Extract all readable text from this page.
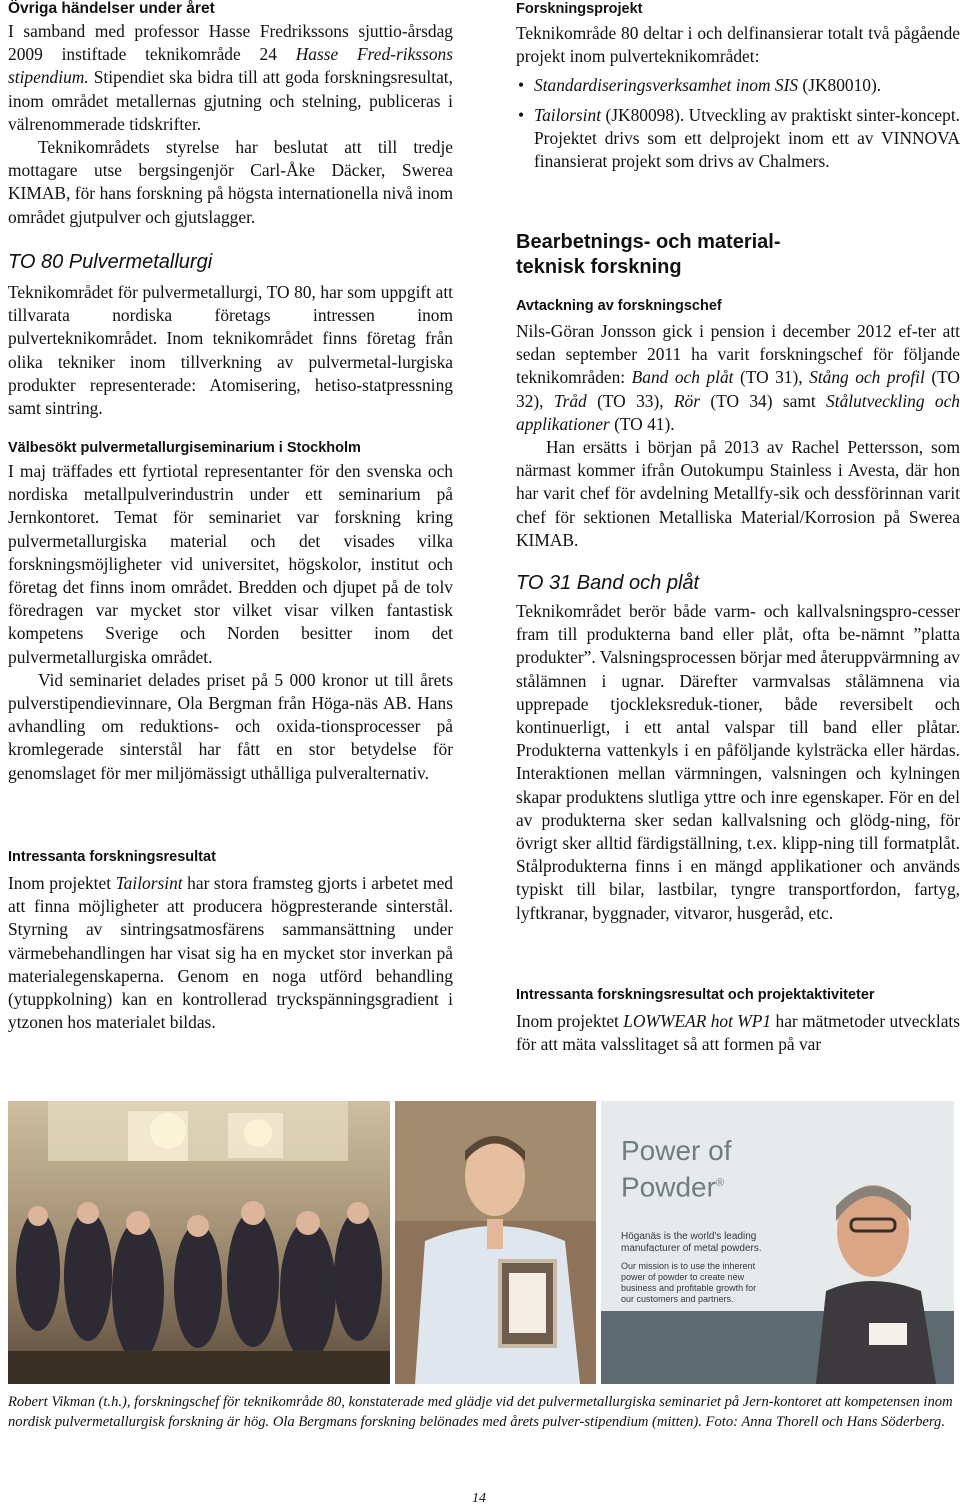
Övriga händelser under året

I samband med professor Hasse Fredrikssons sjuttio-årsdag 2009 instiftade teknikområde 24 Hasse Fred-rikssons stipendium. Stipendiet ska bidra till att goda forskningsresultat, inom området metallernas gjutning och stelning, publiceras i välrenommerade tidskrifter.

Teknikområdets styrelse har beslutat att till tredje mottagare utse bergsingenjör Carl-Åke Däcker, Swerea KIMAB, för hans forskning på högsta internationella nivå inom området gjutpulver och gjutslagger.

TO 80 Pulvermetallurgi

Teknikområdet för pulvermetallurgi, TO 80, har som uppgift att tillvarata nordiska företags intressen inom pulverteknikområdet. Inom teknikområdet finns företag från olika tekniker inom tillverkning av pulvermetal-lurgiska produkter representerade: Atomisering, hetiso-statpressning samt sintring.

Välbesökt pulvermetallurgiseminarium i Stockholm

I maj träffades ett fyrtiotal representanter för den svenska och nordiska metallpulverindustrin under ett seminarium på Jernkontoret. Temat för seminariet var forskning kring pulvermetallurgiska material och det visades vilka forskningsmöjligheter vid universitet, högskolor, institut och företag det finns inom området. Bredden och djupet på de tolv föredragen var mycket stor vilket visar vilken fantastisk kompetens Sverige och Norden besitter inom det pulvermetallurgiska området.

Vid seminariet delades priset på 5 000 kronor ut till årets pulverstipendievinnare, Ola Bergman från Höga-näs AB. Hans avhandling om reduktions- och oxida-tionsprocesser på kromlegerade sinterstål har fått en stor betydelse för genomslaget för mer miljömässigt uthålliga pulveralternativ.

Intressanta forskningsresultat

Inom projektet Tailorsint har stora framsteg gjorts i arbetet med att finna möjligheter att producera högpresterande sinterstål. Styrning av sintringsatmosfärens sammansättning under värmebehandlingen har visat sig ha en mycket stor inverkan på materialegenskaperna. Genom en noga utförd behandling (ytuppkolning) kan en kontrollerad tryckspänningsgradient i ytzonen hos materialet bildas.

Forskningsprojekt

Teknikområde 80 deltar i och delfinansierar totalt två pågående projekt inom pulverteknikområdet:

• Standardiseringsverksamhet inom SIS (JK80010).
• Tailorsint (JK80098). Utveckling av praktiskt sinter-koncept. Projektet drivs som ett delprojekt inom ett av VINNOVA finansierat projekt som drivs av Chalmers.

Bearbetnings- och material-

teknisk forskning

Avtackning av forskningschef

Nils-Göran Jonsson gick i pension i december 2012 ef-ter att sedan september 2011 ha varit forskningschef för följande teknikområden: Band och plåt (TO 31), Stång och profil (TO 32), Tråd (TO 33), Rör (TO 34) samt Stålutveckling och applikationer (TO 41).

Han ersätts i början på 2013 av Rachel Pettersson, som närmast kommer ifrån Outokumpu Stainless i Avesta, där hon har varit chef för avdelning Metallfy-sik och dessförinnan varit chef för sektionen Metalliska Material/Korrosion på Swerea KIMAB.

TO 31 Band och plåt

Teknikområdet berör både varm- och kallvalsningspro-cesser fram till produkterna band eller plåt, ofta be-nämnt ”platta produkter”. Valsningsprocessen börjar med återuppvärmning av stålämnen i ugnar. Därefter varmvalsas stålämnena via upprepade tjockleksreduk-tioner, både reversibelt och kontinuerligt, i ett antal valspar till band eller plåtar. Produkterna vattenkyls i en påföljande kylsträcka eller härdas. Interaktionen mellan värmningen, valsningen och kylningen skapar produktens slutliga yttre och inre egenskaper. För en del av produkterna sker sedan kallvalsning och glödg-ning, för övrigt sker alltid färdigställning, t.ex. klipp-ning till formatplåt. Stålprodukterna finns i en mängd applikationer och används typiskt till bilar, lastbilar, tyngre transportfordon, fartyg, lyftkranar, byggnader, vitvaror, husgeråd, etc.

Intressanta forskningsresultat och projektaktiviteter

Inom projektet LOWWEAR hot WP1 har mätmetoder utvecklats för att mäta valsslitaget så att formen på var

Power of
Powder®
Höganäs is the world's leading manufacturer of metal powders.
Our mission is to use the inherent power of powder to create new business and profitable growth for our customers and partners.

Robert Vikman (t.h.), forskningschef för teknikområde 80, konstaterade med glädje vid det pulvermetallurgiska seminariet på Jern-kontoret att kompetensen inom nordisk pulvermetallurgisk forskning är hög. Ola Bergmans forskning belönades med årets pulver-stipendium (mitten). Foto: Anna Thorell och Hans Söderberg.

14
